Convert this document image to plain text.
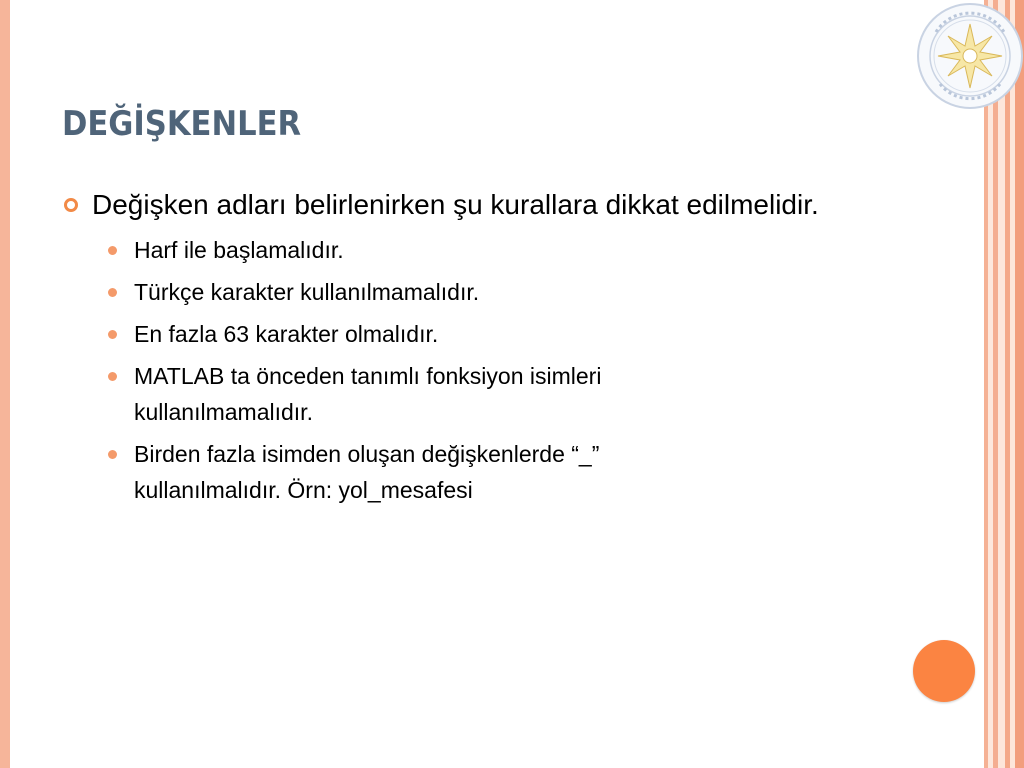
DEĞİŞKENLER
Değişken adları belirlenirken şu kurallara dikkat edilmelidir.
Harf ile başlamalıdır.
Türkçe karakter kullanılmamalıdır.
En fazla 63 karakter olmalıdır.
MATLAB ta önceden tanımlı fonksiyon isimleri kullanılmamalıdır.
Birden fazla isimden oluşan değişkenlerde “_” kullanılmalıdır. Örn: yol_mesafesi
